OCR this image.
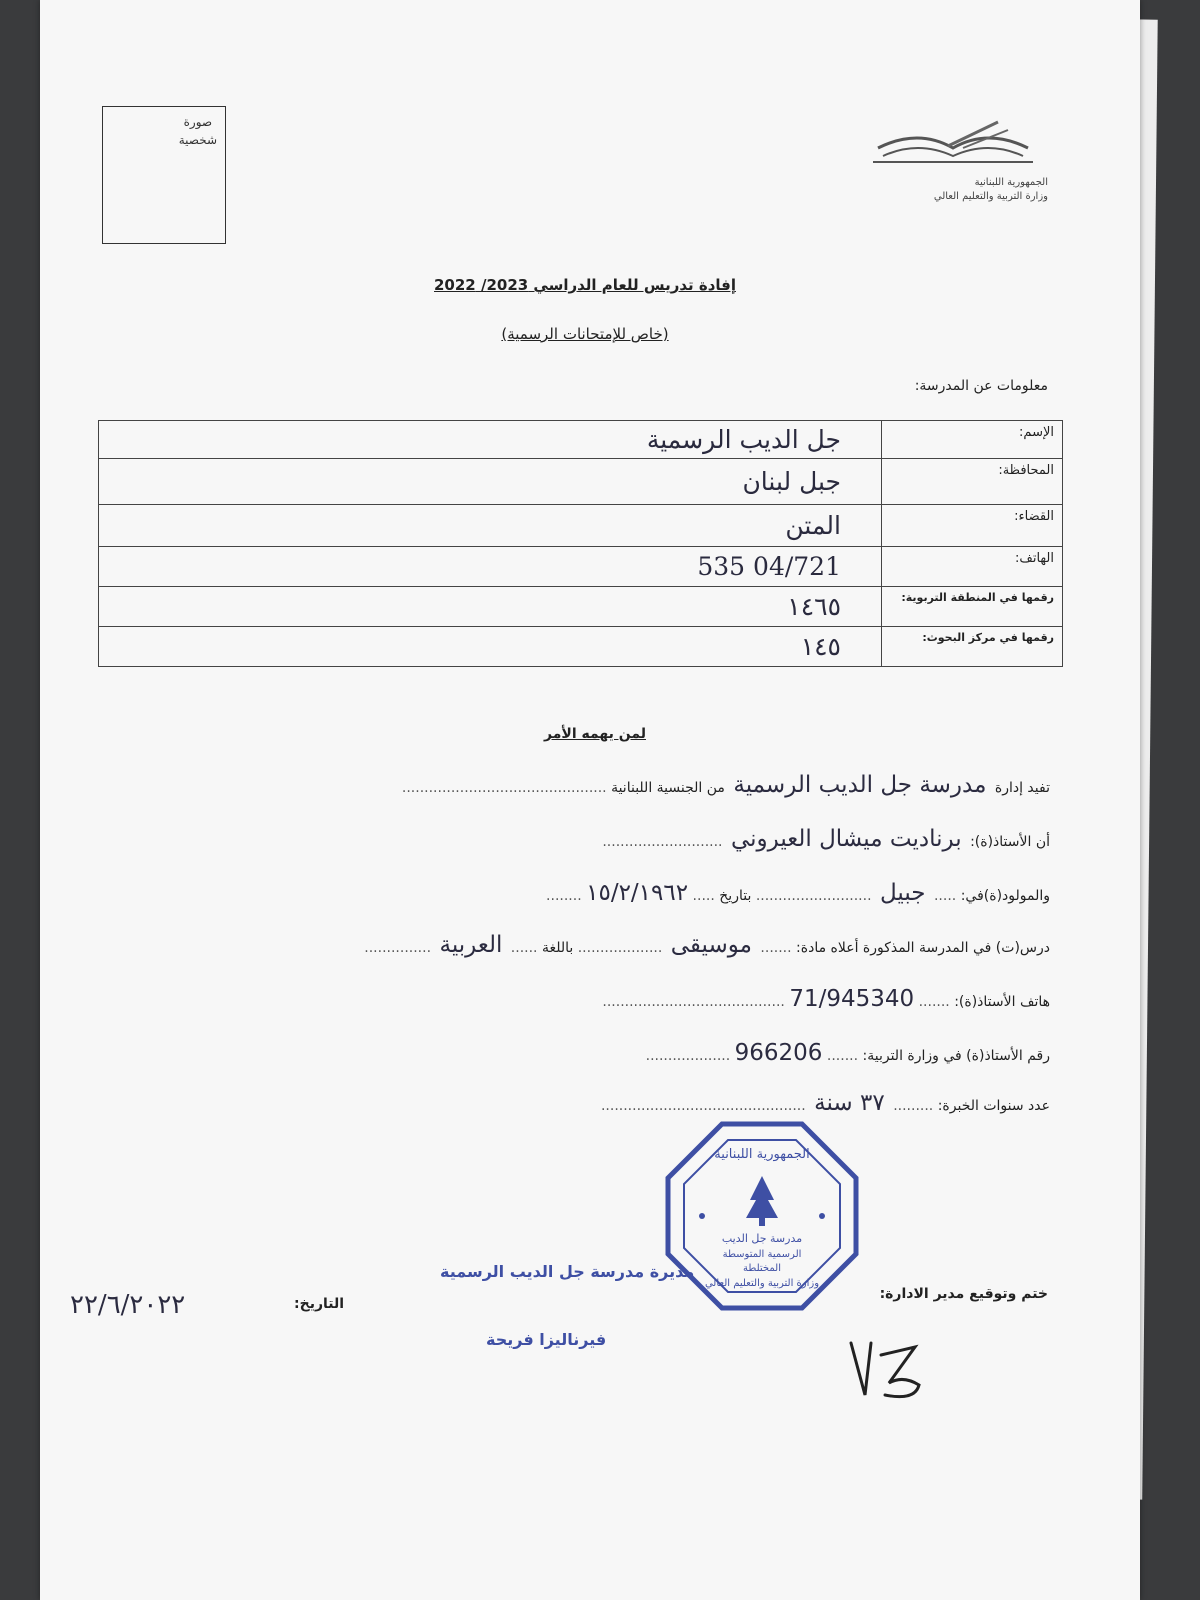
صورة
شخصية
الجمهورية اللبنانية
وزارة التربية والتعليم العالي
إفادة تدريس للعام الدراسي 2023/ 2022
(خاص للإمتحانات الرسمية)
معلومات عن المدرسة:
الإسم:	جل الديب الرسمية
المحافظة:	جبل لبنان
القضاء:	المتن
الهاتف:	04/721 535
رقمها في المنطقة التربوية:	١٤٦٥
رقمها في مركز البحوث:	١٤٥
لمن يهمه الأمر
تفيد إدارة مدرسة جل الديب الرسمية من الجنسية اللبنانية ..............................................
أن الأستاذ(ة): برناديت ميشال العيروني ...........................
والمولود(ة)في: ..... جبيل .......................... بتاريخ ..... ١٥/٢/١٩٦٢ ........
درس(ت) في المدرسة المذكورة أعلاه مادة: ....... موسيقى ................... باللغة ...... العربية ...............
هاتف الأستاذ(ة): ....... 71/945340 .........................................
رقم الأستاذ(ة) في وزارة التربية: ....... 966206 ...................
عدد سنوات الخبرة: ......... ٣٧ سنة ..............................................
الجمهورية اللبنانية
مدرسة جل الديب
الرسمية المتوسطة
المختلطة
وزارة التربية والتعليم العالي
مديرة مدرسة جل الديب الرسمية
فيرناليزا فريحة
ختم وتوقيع مدير الادارة:
التاريخ:
٢٢/٦/٢٠٢٢
